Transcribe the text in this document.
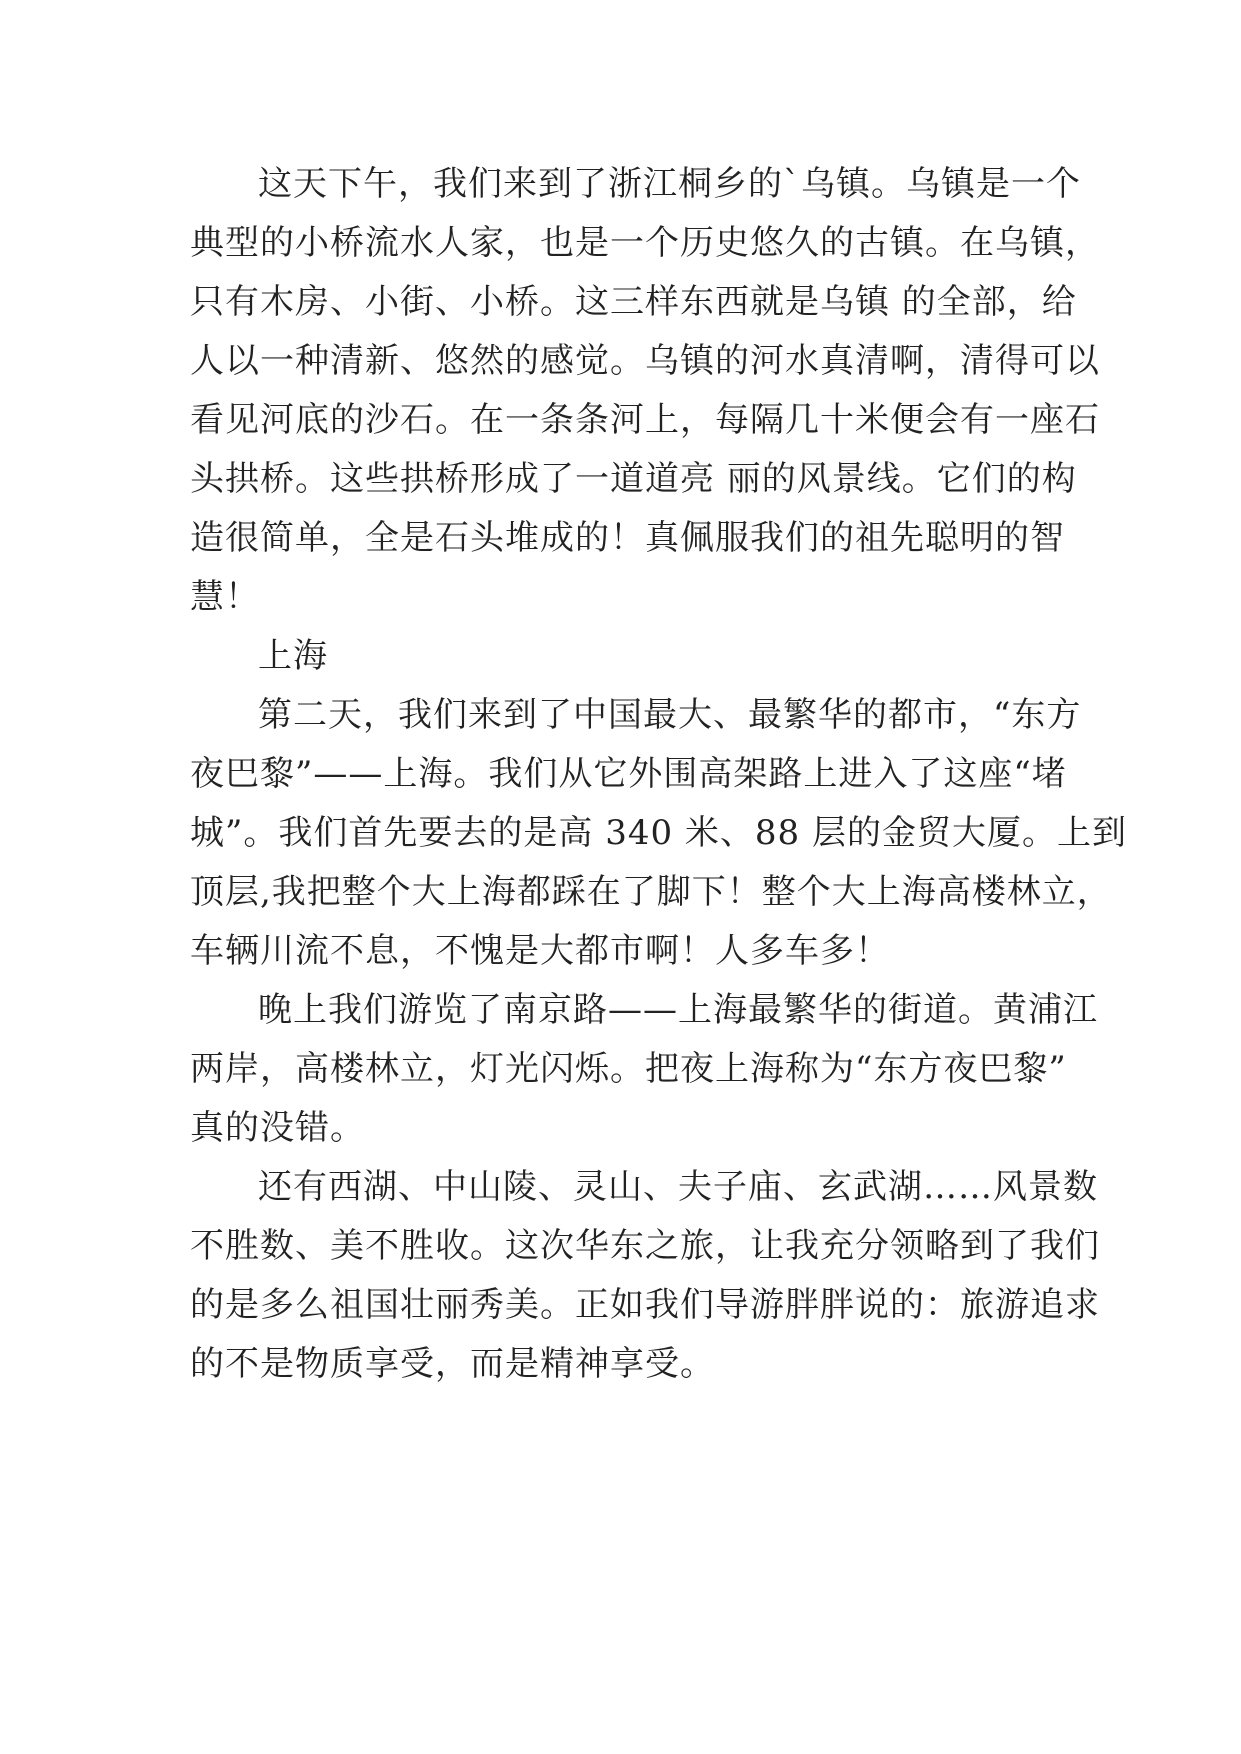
这天下午，我们来到了浙江桐乡的`乌镇。乌镇是一个
典型的小桥流水人家，也是一个历史悠久的古镇。在乌镇，
只有木房、小街、小桥。这三样东西就是乌镇 的全部，给
人以一种清新、悠然的感觉。乌镇的河水真清啊，清得可以
看见河底的沙石。在一条条河上，每隔几十米便会有一座石
头拱桥。这些拱桥形成了一道道亮 丽的风景线。它们的构
造很简单，全是石头堆成的！真佩服我们的祖先聪明的智
慧！

上海

第二天，我们来到了中国最大、最繁华的都市，“东方
夜巴黎”——上海。我们从它外围高架路上进入了这座“堵
城”。我们首先要去的是高 340 米、88 层的金贸大厦。上到
顶层,我把整个大上海都踩在了脚下！整个大上海高楼林立，
车辆川流不息，不愧是大都市啊！人多车多！

晚上我们游览了南京路——上海最繁华的街道。黄浦江
两岸，高楼林立，灯光闪烁。把夜上海称为“东方夜巴黎”
真的没错。

还有西湖、中山陵、灵山、夫子庙、玄武湖……风景数
不胜数、美不胜收。这次华东之旅，让我充分领略到了我们
的是多么祖国壮丽秀美。正如我们导游胖胖说的：旅游追求
的不是物质享受，而是精神享受。
